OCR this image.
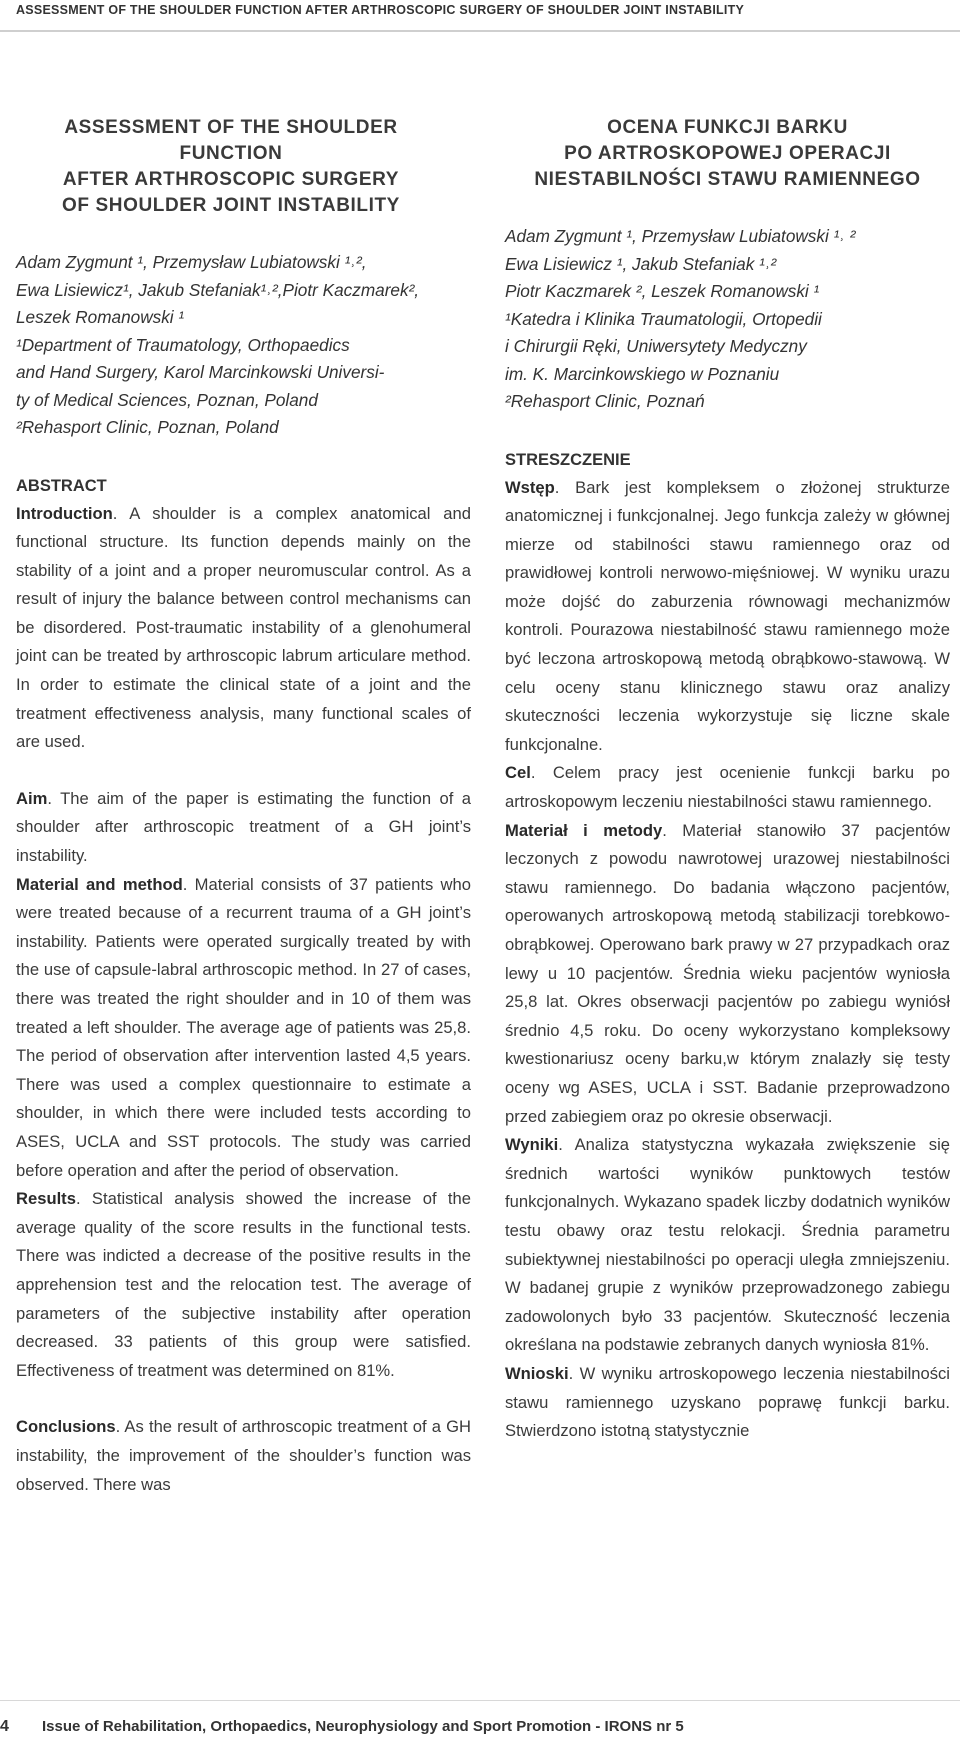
ASSESSMENT OF THE SHOULDER FUNCTION AFTER ARTHROSCOPIC SURGERY OF SHOULDER JOINT INSTABILITY
ASSESSMENT OF THE SHOULDER FUNCTION
AFTER ARTHROSCOPIC SURGERY
OF SHOULDER JOINT INSTABILITY
Adam Zygmunt ¹, Przemysław Lubiatowski ¹˒²,
Ewa Lisiewicz¹, Jakub Stefaniak¹˒²,Piotr Kaczmarek²,
Leszek Romanowski ¹
¹Department of Traumatology, Orthopaedics
and Hand Surgery, Karol Marcinkowski Universi-
ty of Medical Sciences, Poznan, Poland
²Rehasport Clinic, Poznan, Poland
ABSTRACT

Introduction. A shoulder is a complex anatomical and functional structure. Its function depends mainly on the stability of a joint and a proper neuromuscular control. As a result of injury the balance between control mechanisms can be disordered. Post-traumatic instability of a glenohumeral joint can be treated by arthroscopic labrum articulare method. In order to estimate the clinical state of a joint and the treatment effectiveness analysis, many functional scales of are used.

Aim. The aim of the paper is estimating the function of a shoulder after arthroscopic treatment of a GH joint’s instability.

Material and method. Material consists of 37 patients who were treated because of a recurrent trauma of a GH joint’s instability. Patients were operated surgically treated by with the use of capsule-labral arthroscopic method. In 27 of cases, there was treated the right shoulder and in 10 of them was treated a left shoulder. The average age of patients was 25,8. The period of observation after intervention lasted 4,5 years. There was used a complex questionnaire to estimate a shoulder, in which there were included tests according to ASES, UCLA and SST protocols. The study was carried before operation and after the period of observation.

Results. Statistical analysis showed the increase of the average quality of the score results in the functional tests. There was indicted a decrease of the positive results in the apprehension test and the relocation test. The average of parameters of the subjective instability after operation decreased. 33 patients of this group were satisfied. Effectiveness of treatment was determined on 81%.

Conclusions. As the result of arthroscopic treatment of a GH instability, the improvement of the shoulder’s function was observed. There was

OCENA FUNKCJI BARKU
PO ARTROSKOPOWEJ OPERACJI
NIESTABILNOŚCI STAWU RAMIENNEGO
Adam Zygmunt ¹, Przemysław Lubiatowski ¹˒ ²
Ewa Lisiewicz ¹, Jakub Stefaniak ¹˒²
Piotr Kaczmarek ², Leszek Romanowski ¹
¹Katedra i Klinika Traumatologii, Ortopedii
i Chirurgii Ręki, Uniwersytety Medyczny
im. K. Marcinkowskiego w Poznaniu
²Rehasport Clinic, Poznań
STRESZCZENIE

Wstęp. Bark jest kompleksem o złożonej strukturze anatomicznej i funkcjonalnej. Jego funkcja zależy w głównej mierze od stabilności stawu ramiennego oraz od prawidłowej kontroli nerwowo-mięśniowej. W wyniku urazu może dojść do zaburzenia równowagi mechanizmów kontroli. Pourazowa niestabilność stawu ramiennego może być leczona artroskopową metodą obrąbkowo-stawową. W celu oceny stanu klinicznego stawu oraz analizy skuteczności leczenia wykorzystuje się liczne skale funkcjonalne.

Cel. Celem pracy jest ocenienie funkcji barku po artroskopowym leczeniu niestabilności stawu ramiennego.

Materiał i metody. Materiał stanowiło 37 pacjentów leczonych z powodu nawrotowej urazowej niestabilności stawu ramiennego. Do badania włączono pacjentów, operowanych artroskopową metodą stabilizacji torebkowo-obrąbkowej. Operowano bark prawy w 27 przypadkach oraz lewy u 10 pacjentów. Średnia wieku pacjentów wyniosła 25,8 lat. Okres obserwacji pacjentów po zabiegu wyniósł średnio 4,5 roku. Do oceny wykorzystano kompleksowy kwestionariusz oceny barku,w którym znalazły się testy oceny wg ASES, UCLA i SST. Badanie przeprowadzono przed zabiegiem oraz po okresie obserwacji.

Wyniki. Analiza statystyczna wykazała zwiększenie się średnich wartości wyników punktowych testów funkcjonalnych. Wykazano spadek liczby dodatnich wyników testu obawy oraz testu relokacji. Średnia parametru subiektywnej niestabilności po operacji uległa zmniejszeniu. W badanej grupie z wyników przeprowadzonego zabiegu zadowolonych było 33 pacjentów. Skuteczność leczenia określana na podstawie zebranych danych wyniosła 81%.

Wnioski. W wyniku artroskopowego leczenia niestabilności stawu ramiennego uzyskano poprawę funkcji barku. Stwierdzono istotną statystycznie

4 Issue of Rehabilitation, Orthopaedics, Neurophysiology and Sport Promotion - IRONS nr 5
